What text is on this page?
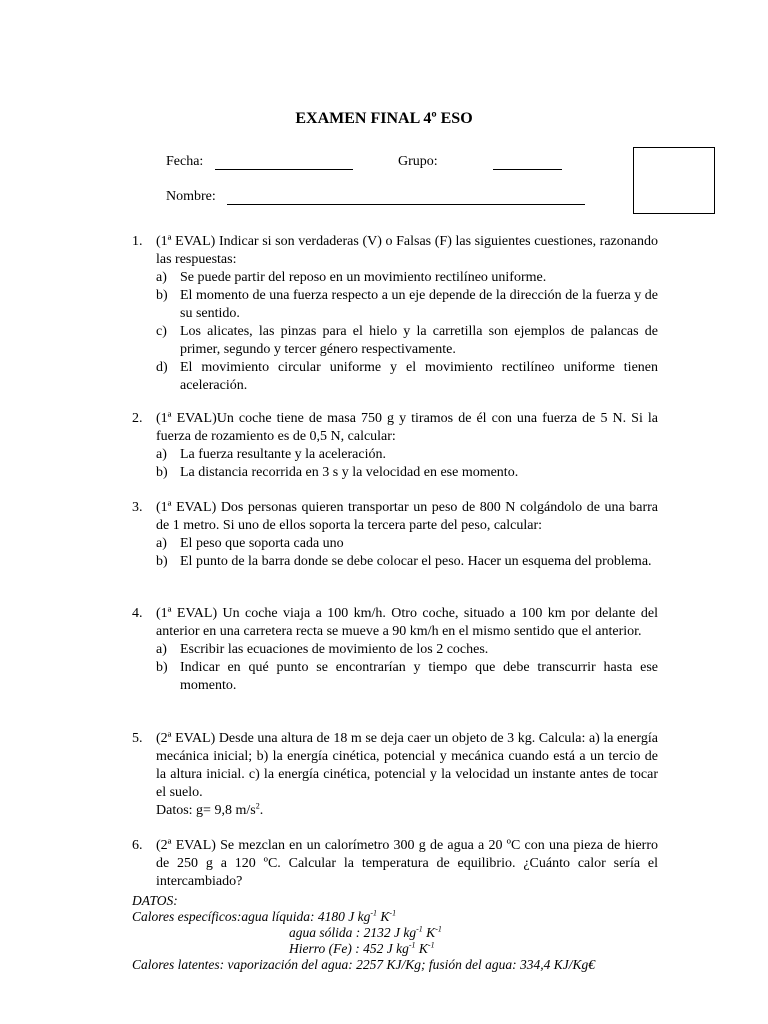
EXAMEN FINAL 4º ESO
Fecha:	Grupo:
Nombre:
1. (1ª EVAL) Indicar si son verdaderas (V) o Falsas (F) las siguientes cuestiones, razonando las respuestas:

a) Se puede partir del reposo en un movimiento rectilíneo uniforme.
b) El momento de una fuerza respecto a un eje depende de la dirección de la fuerza y de su sentido.
c) Los alicates, las pinzas para el hielo y la carretilla son ejemplos de palancas de primer, segundo y tercer género respectivamente.
d) El movimiento circular uniforme y el movimiento rectilíneo uniforme tienen aceleración.
2. (1ª EVAL)Un coche tiene de masa 750 g y tiramos de él con una fuerza de 5 N. Si la fuerza de rozamiento es de 0,5 N, calcular:

a) La fuerza resultante y la aceleración.
b) La distancia recorrida en 3 s y la velocidad en ese momento.
3. (1ª EVAL) Dos personas quieren transportar un peso de 800 N colgándolo de una barra de 1 metro. Si uno de ellos soporta la tercera parte del peso, calcular:

a) El peso que soporta cada uno
b) El punto de la barra donde se debe colocar el peso. Hacer un esquema del problema.
4. (1ª EVAL) Un coche viaja a 100 km/h. Otro coche, situado a 100 km por delante del anterior en una carretera recta se mueve a 90 km/h en el mismo sentido que el anterior.

a) Escribir las ecuaciones de movimiento de los 2 coches.
b) Indicar en qué punto se encontrarían y tiempo que debe transcurrir hasta ese momento.
5. (2ª EVAL) Desde una altura de 18 m se deja caer un objeto de 3 kg. Calcula: a) la energía mecánica inicial; b) la energía cinética, potencial y mecánica cuando está a un tercio de la altura inicial. c) la energía cinética, potencial y la velocidad un instante antes de tocar el suelo.

Datos: g= 9,8 $m/s^2$.

6. (2ª EVAL) Se mezclan en un calorímetro 300 g de agua a 20 ºC con una pieza de hierro de 250 g a 120 ºC. Calcular la temperatura de equilibrio. ¿Cuánto calor sería el intercambiado?

DATOS:
Calores específicos:agua líquida: 4180 J $kg^{-1}$ $K^{-1}$
agua sólida : 2132 J $kg^{-1}$ $K^{-1}$
Hierro (Fe) : 452 J $kg^{-1}$ $K^{-1}$
Calores latentes: vaporización del agua: 2257 KJ/Kg; fusión del agua: 334,4 KJ/Kg€
